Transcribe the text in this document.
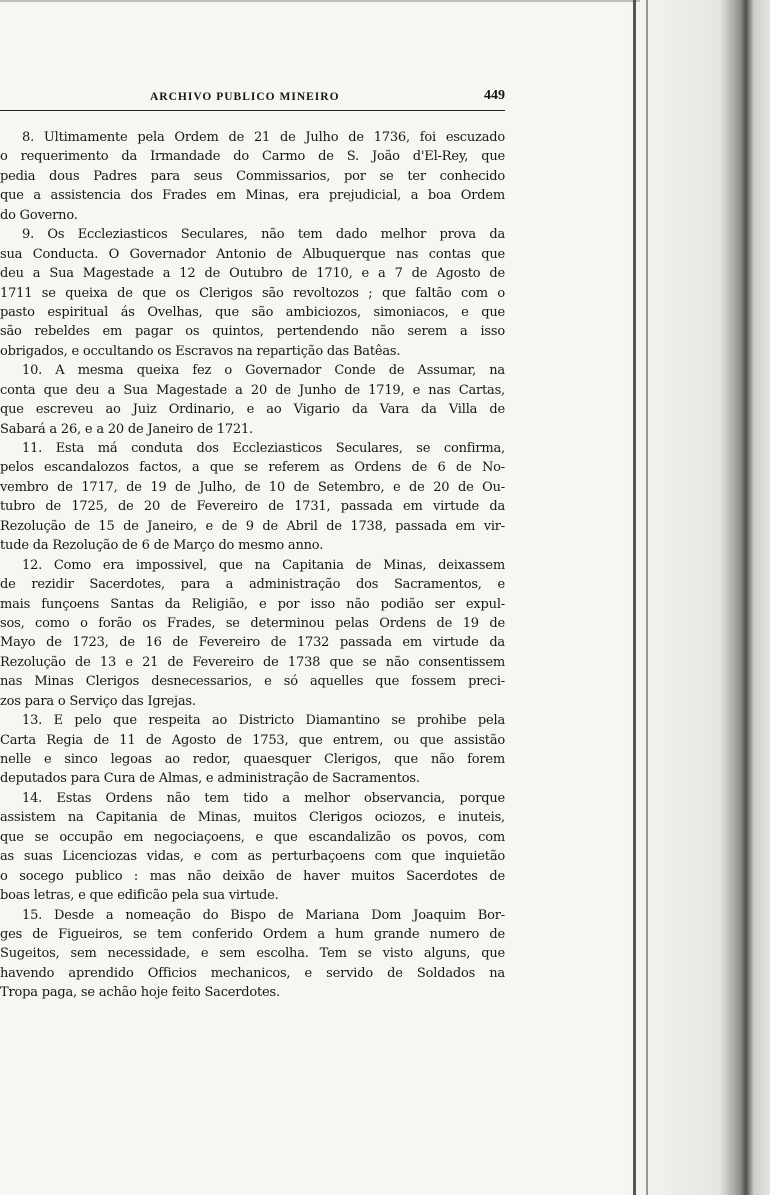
ARCHIVO PUBLICO MINEIRO	449
8. Ultimamente pela Ordem de 21 de Julho de 1736, foi escuzado
o requerimento da Irmandade do Carmo de S. João d'El-Rey, que
pedia dous Padres para seus Commissarios, por se ter conhecido
que a assistencia dos Frades em Minas, era prejudicial, a boa Ordem
do Governo.
9. Os Eccleziasticos Seculares, não tem dado melhor prova da
sua Conducta. O Governador Antonio de Albuquerque nas contas que
deu a Sua Magestade a 12 de Outubro de 1710, e a 7 de Agosto de
1711 se queixa de que os Clerigos são revoltozos ; que faltão com o
pasto espiritual ás Ovelhas, que são ambiciozos, simoniacos, e que
são rebeldes em pagar os quintos, pertendendo não serem a isso
obrigados, e occultando os Escravos na repartição das Batêas.
10. A mesma queixa fez o Governador Conde de Assumar, na
conta que deu a Sua Magestade a 20 de Junho de 1719, e nas Cartas,
que escreveu ao Juiz Ordinario, e ao Vigario da Vara da Villa de
Sabará a 26, e a 20 de Janeiro de 1721.
11. Esta má conduta dos Eccleziasticos Seculares, se confirma,
pelos escandalozos factos, a que se referem as Ordens de 6 de No-
vembro de 1717, de 19 de Julho, de 10 de Setembro, e de 20 de Ou-
tubro de 1725, de 20 de Fevereiro de 1731, passada em virtude da
Rezolução de 15 de Janeiro, e de 9 de Abril de 1738, passada em vir-
tude da Rezolução de 6 de Março do mesmo anno.
12. Como era impossivel, que na Capitania de Minas, deixassem
de rezidir Sacerdotes, para a administração dos Sacramentos, e
mais funçoens Santas da Religião, e por isso não podião ser expul-
sos, como o forão os Frades, se determinou pelas Ordens de 19 de
Mayo de 1723, de 16 de Fevereiro de 1732 passada em virtude da
Rezolução de 13 e 21 de Fevereiro de 1738 que se não consentissem
nas Minas Clerigos desnecessarios, e só aquelles que fossem preci-
zos para o Serviço das Igrejas.
13. E pelo que respeita ao Districto Diamantino se prohibe pela
Carta Regia de 11 de Agosto de 1753, que entrem, ou que assistão
nelle e sinco legoas ao redor, quaesquer Clerigos, que não forem
deputados para Cura de Almas, e administração de Sacramentos.
14. Estas Ordens não tem tido a melhor observancia, porque
assistem na Capitania de Minas, muitos Clerigos ociozos, e inuteis,
que se occupão em negociaçoens, e que escandalizão os povos, com
as suas Licenciozas vidas, e com as perturbaçoens com que inquietão
o socego publico : mas não deixão de haver muitos Sacerdotes de
boas letras, e que edificão pela sua virtude.
15. Desde a nomeação do Bispo de Mariana Dom Joaquim Bor-
ges de Figueiros, se tem conferido Ordem a hum grande numero de
Sugeitos, sem necessidade, e sem escolha. Tem se visto alguns, que
havendo aprendido Officios mechanicos, e servido de Soldados na
Tropa paga, se achão hoje feito Sacerdotes.
